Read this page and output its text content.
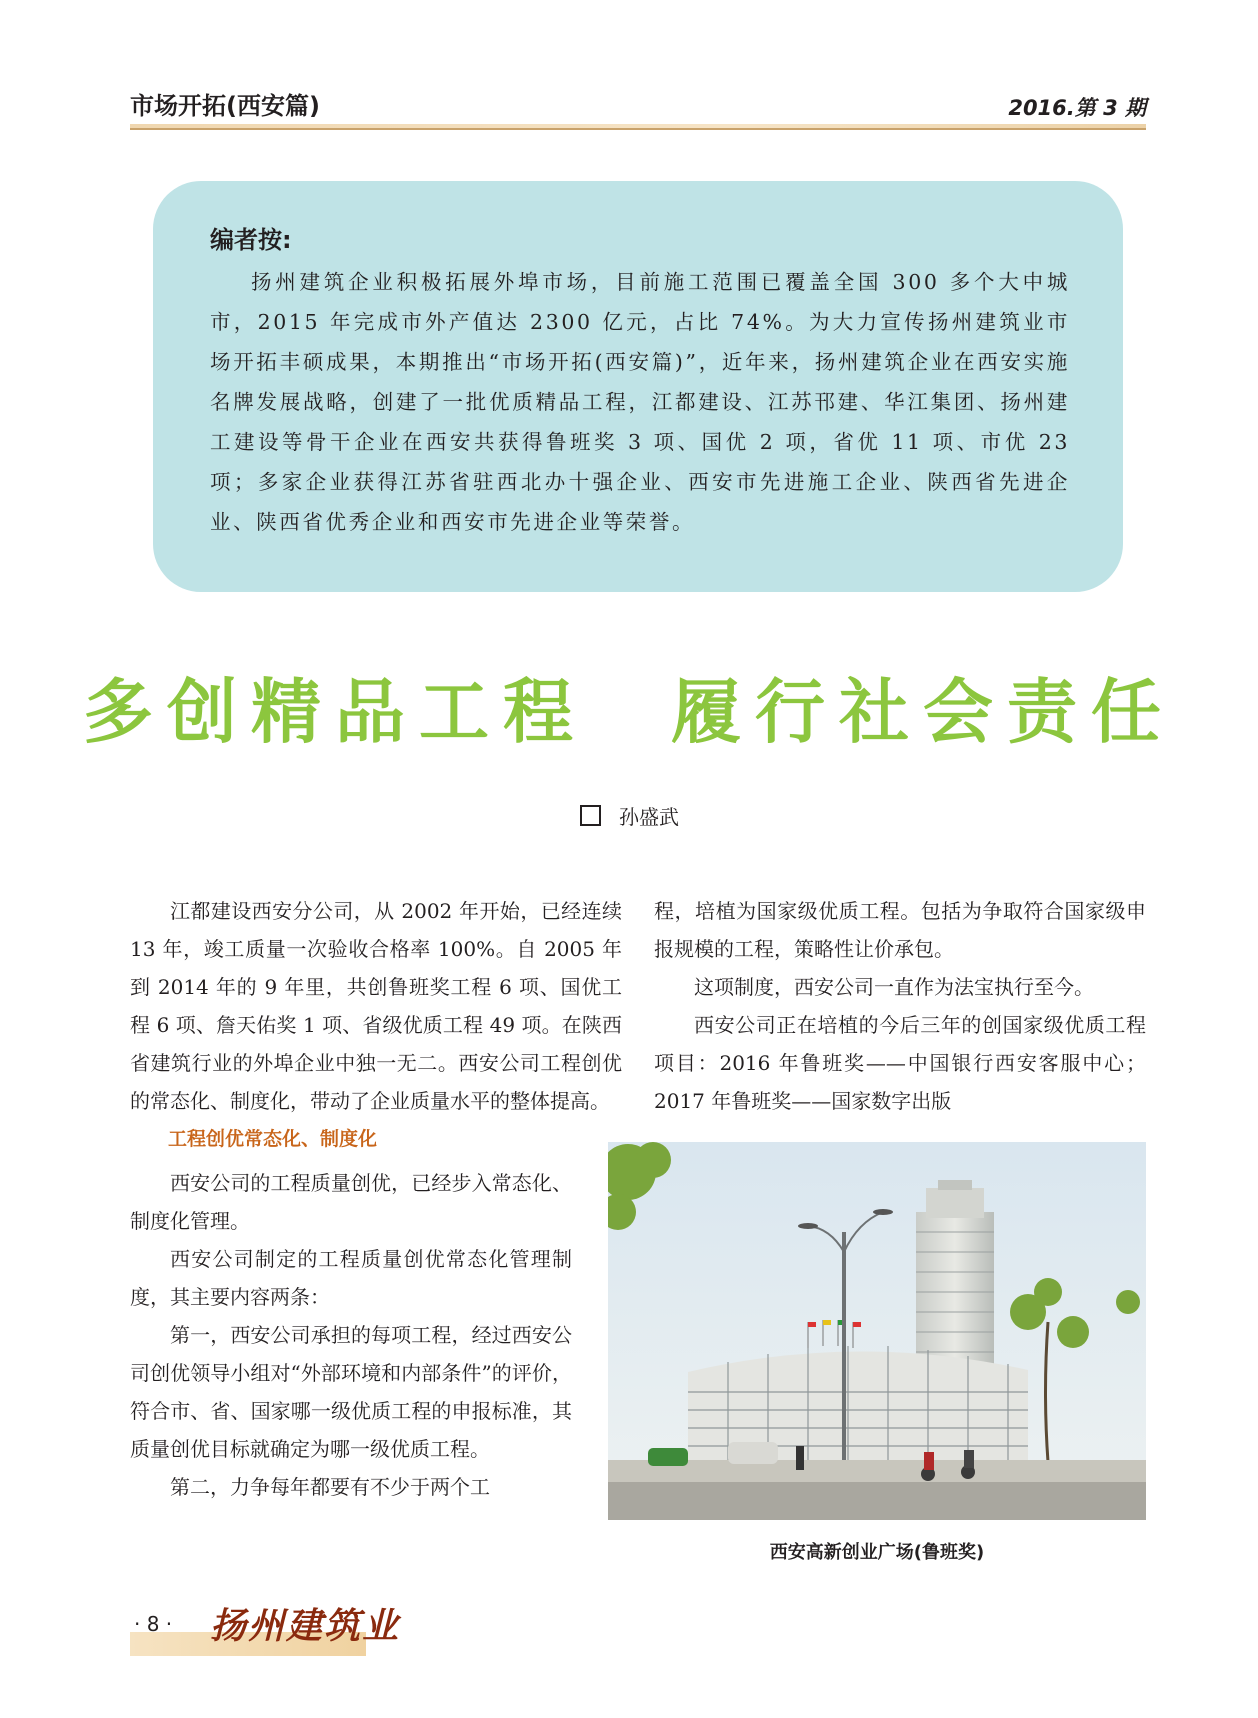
市场开拓(西安篇)	2016.第 3 期
编者按:
扬州建筑企业积极拓展外埠市场，目前施工范围已覆盖全国 300 多个大中城市，2015 年完成市外产值达 2300 亿元，占比 74%。为大力宣传扬州建筑业市场开拓丰硕成果，本期推出“市场开拓(西安篇)”，近年来，扬州建筑企业在西安实施名牌发展战略，创建了一批优质精品工程，江都建设、江苏邗建、华江集团、扬州建工建设等骨干企业在西安共获得鲁班奖 3 项、国优 2 项，省优 11 项、市优 23 项；多家企业获得江苏省驻西北办十强企业、西安市先进施工企业、陕西省先进企业、陕西省优秀企业和西安市先进企业等荣誉。
多创精品工程　履行社会责任
孙盛武

江都建设西安分公司，从 2002 年开始，已经连续 13 年，竣工质量一次验收合格率 100%。自 2005 年到 2014 年的 9 年里，共创鲁班奖工程 6 项、国优工程 6 项、詹天佑奖 1 项、省级优质工程 49 项。在陕西省建筑行业的外埠企业中独一无二。西安公司工程创优的常态化、制度化，带动了企业质量水平的整体提高。

工程创优常态化、制度化

西安公司的工程质量创优，已经步入常态化、制度化管理。

西安公司制定的工程质量创优常态化管理制度，其主要内容两条：

第一，西安公司承担的每项工程，经过西安公司创优领导小组对“外部环境和内部条件”的评价，符合市、省、国家哪一级优质工程的申报标准，其质量创优目标就确定为哪一级优质工程。

第二，力争每年都要有不少于两个工

程，培植为国家级优质工程。包括为争取符合国家级申报规模的工程，策略性让价承包。

这项制度，西安公司一直作为法宝执行至今。

西安公司正在培植的今后三年的创国家级优质工程项目：2016 年鲁班奖——中国银行西安客服中心；2017 年鲁班奖——国家数字出版

西安高新创业广场(鲁班奖)
· 8 · 扬州建筑业
